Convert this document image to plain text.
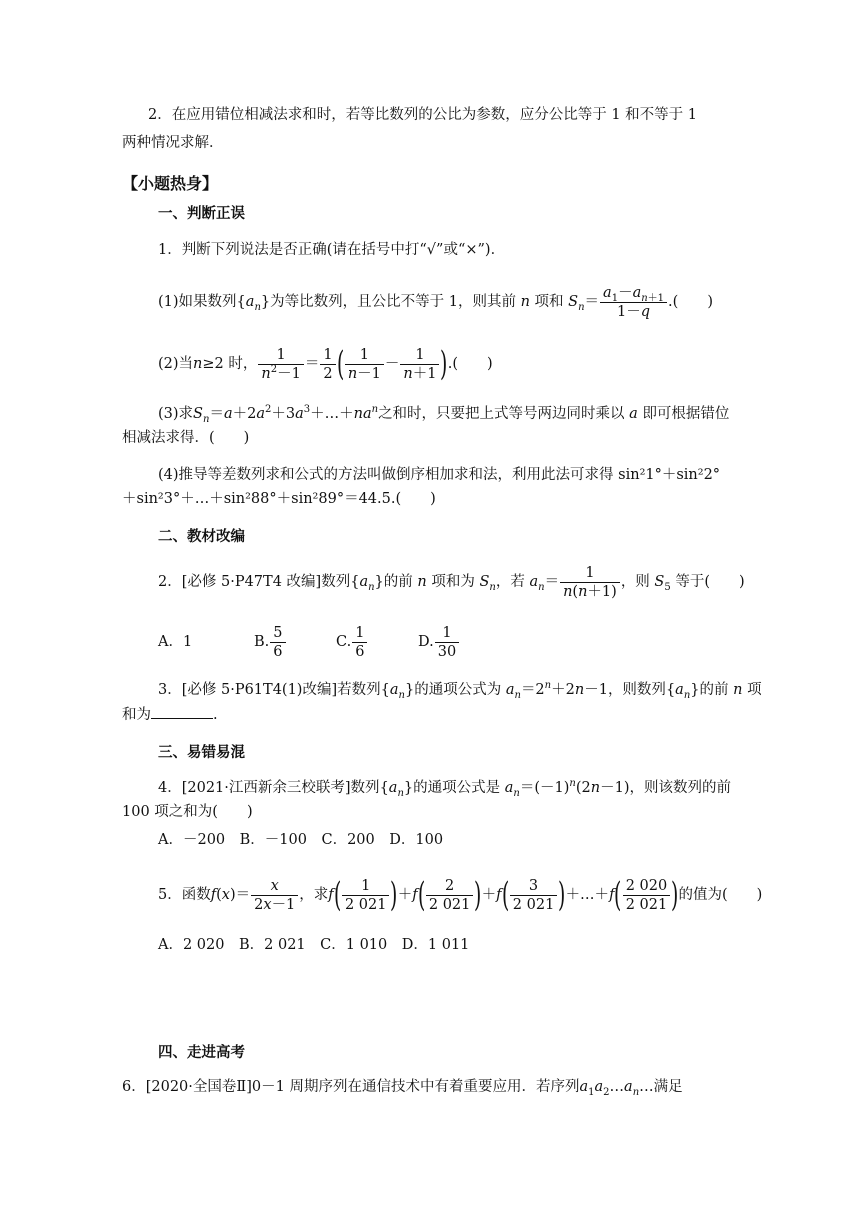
2．在应用错位相减法求和时，若等比数列的公比为参数，应分公比等于 1 和不等于 1
两种情况求解．
【小题热身】
一、判断正误
1．判断下列说法是否正确(请在括号中打“√”或“×”)．
(1)如果数列$\{a_n\}$为等比数列，且公比不等于 1，则其前 n 项和 $S_n= \frac{a_1-a_{n+1}}{1-q}$ .(　　)
(2)当n≥2 时， $\frac{1}{n^2-1} = \frac{1}{2}$ ( $\frac{1}{n-1} - \frac{1}{n+1}$ ).(　　)
(3)求$S_n=a+2a^2+3a^3+\dots+na^n$之和时，只要把上式等号两边同时乘以 a 即可根据错位
相减法求得．(　　)
(4)推导等差数列求和公式的方法叫做倒序相加求和法，利用此法可求得 sin²1°＋sin²2°
＋sin²3°＋…＋sin²88°＋sin²89°＝44.5.(　　)
二、教材改编
2．[必修 5·P47T4 改编]数列$\{a_n\}$的前 n 项和为 $S_n$，若 $a_n= \frac{1}{n(n+1)}$ ，则 $S_5$ 等于(　　)
A．1	B. $\frac{5}{6}$	C. $\frac{1}{6}$	D. $\frac{1}{30}$
3．[必修 5·P61T4(1)改编]若数列$\{a_n\}$的通项公式为 $a_n=2^n+2n-1$，则数列$\{a_n\}$的前 n 项
和为	.
三、易错易混
4．[2021·江西新余三校联考]数列$\{a_n\}$的通项公式是 $a_n=(-1)^n(2n-1)$，则该数列的前
100 项之和为(　　)
A．－200　B．－100　C．200　D．100
5．函数$f(x)= \frac{x}{2x-1}$ ，求$f( \frac{1}{2 021} )+f( \frac{2}{2 021} )+f( \frac{3}{2 021}$ )＋…＋f( $\frac{2 020}{2 021}$ )的值为(　　)
A．2 020　B．2 021　C．1 010　D．1 011
四、走进高考
6．[2020·全国卷Ⅱ]0－1 周期序列在通信技术中有着重要应用．若序列$a_1a_2\dots a_n\dots$满足
